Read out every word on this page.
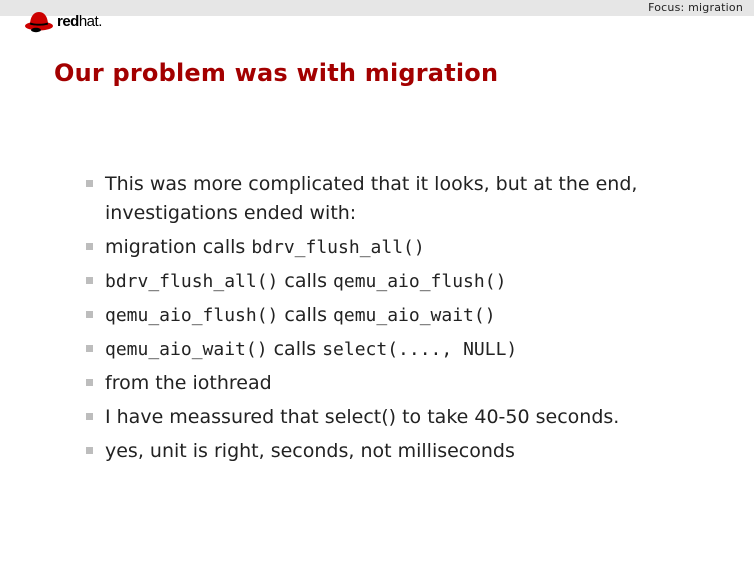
Focus: migration
redhat.
Our problem was with migration
This was more complicated that it looks, but at the end, investigations ended with:
migration calls bdrv_flush_all()
bdrv_flush_all() calls qemu_aio_flush()
qemu_aio_flush() calls qemu_aio_wait()
qemu_aio_wait() calls select(...., NULL)
from the iothread
I have meassured that select() to take 40-50 seconds.
yes, unit is right, seconds, not milliseconds
